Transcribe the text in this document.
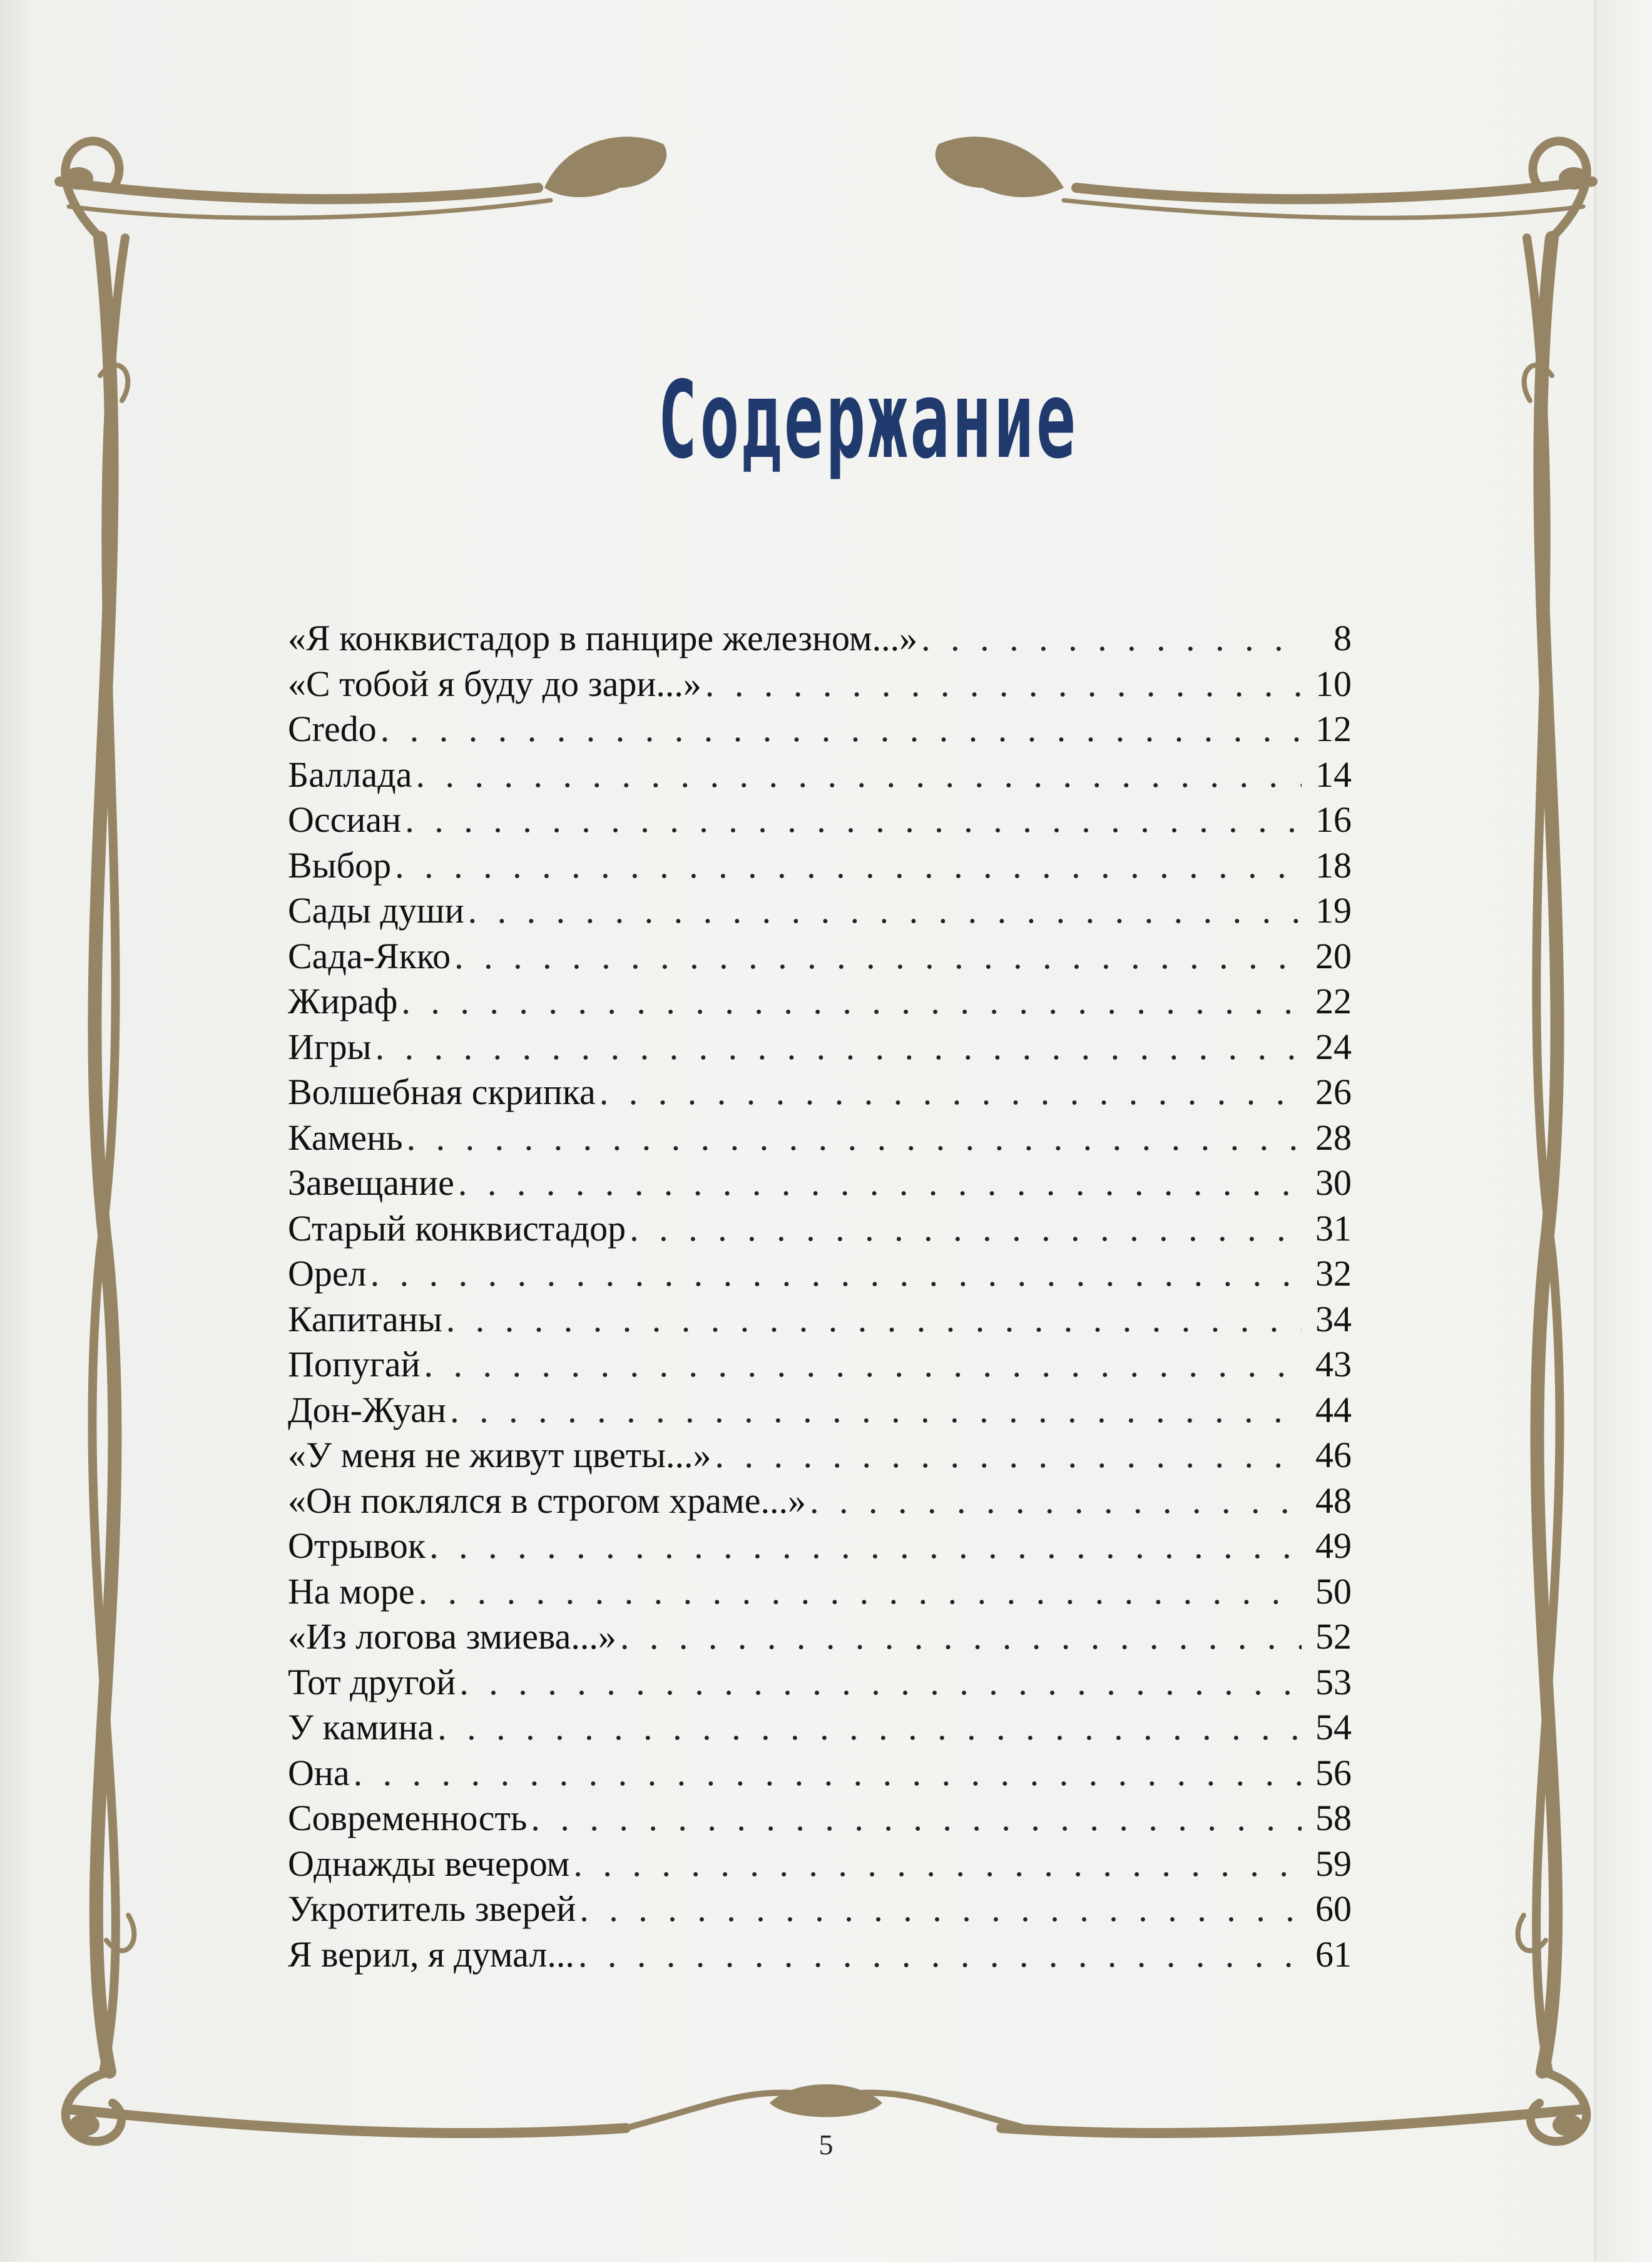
Содержание
«Я конквистадор в панцире железном...» . . .	8
«С тобой я буду до зари...» . . .	10
Credo . . .	12
Баллада . . .	14
Оссиан . . .	16
Выбор . . .	18
Сады души . . .	19
Сада-Якко . . .	20
Жираф . . .	22
Игры . . .	24
Волшебная скрипка . . .	26
Камень . . .	28
Завещание . . .	30
Старый конквистадор . . .	31
Орел . . .	32
Капитаны . . .	34
Попугай . . .	43
Дон-Жуан . . .	44
«У меня не живут цветы...» . . .	46
«Он поклялся в строгом храме...» . . .	48
Отрывок . . .	49
На море . . .	50
«Из логова змиева...» . . .	52
Тот другой . . .	53
У камина . . .	54
Она . . .	56
Современность . . .	58
Однажды вечером . . .	59
Укротитель зверей . . .	60
Я верил, я думал... . . .	61
5
